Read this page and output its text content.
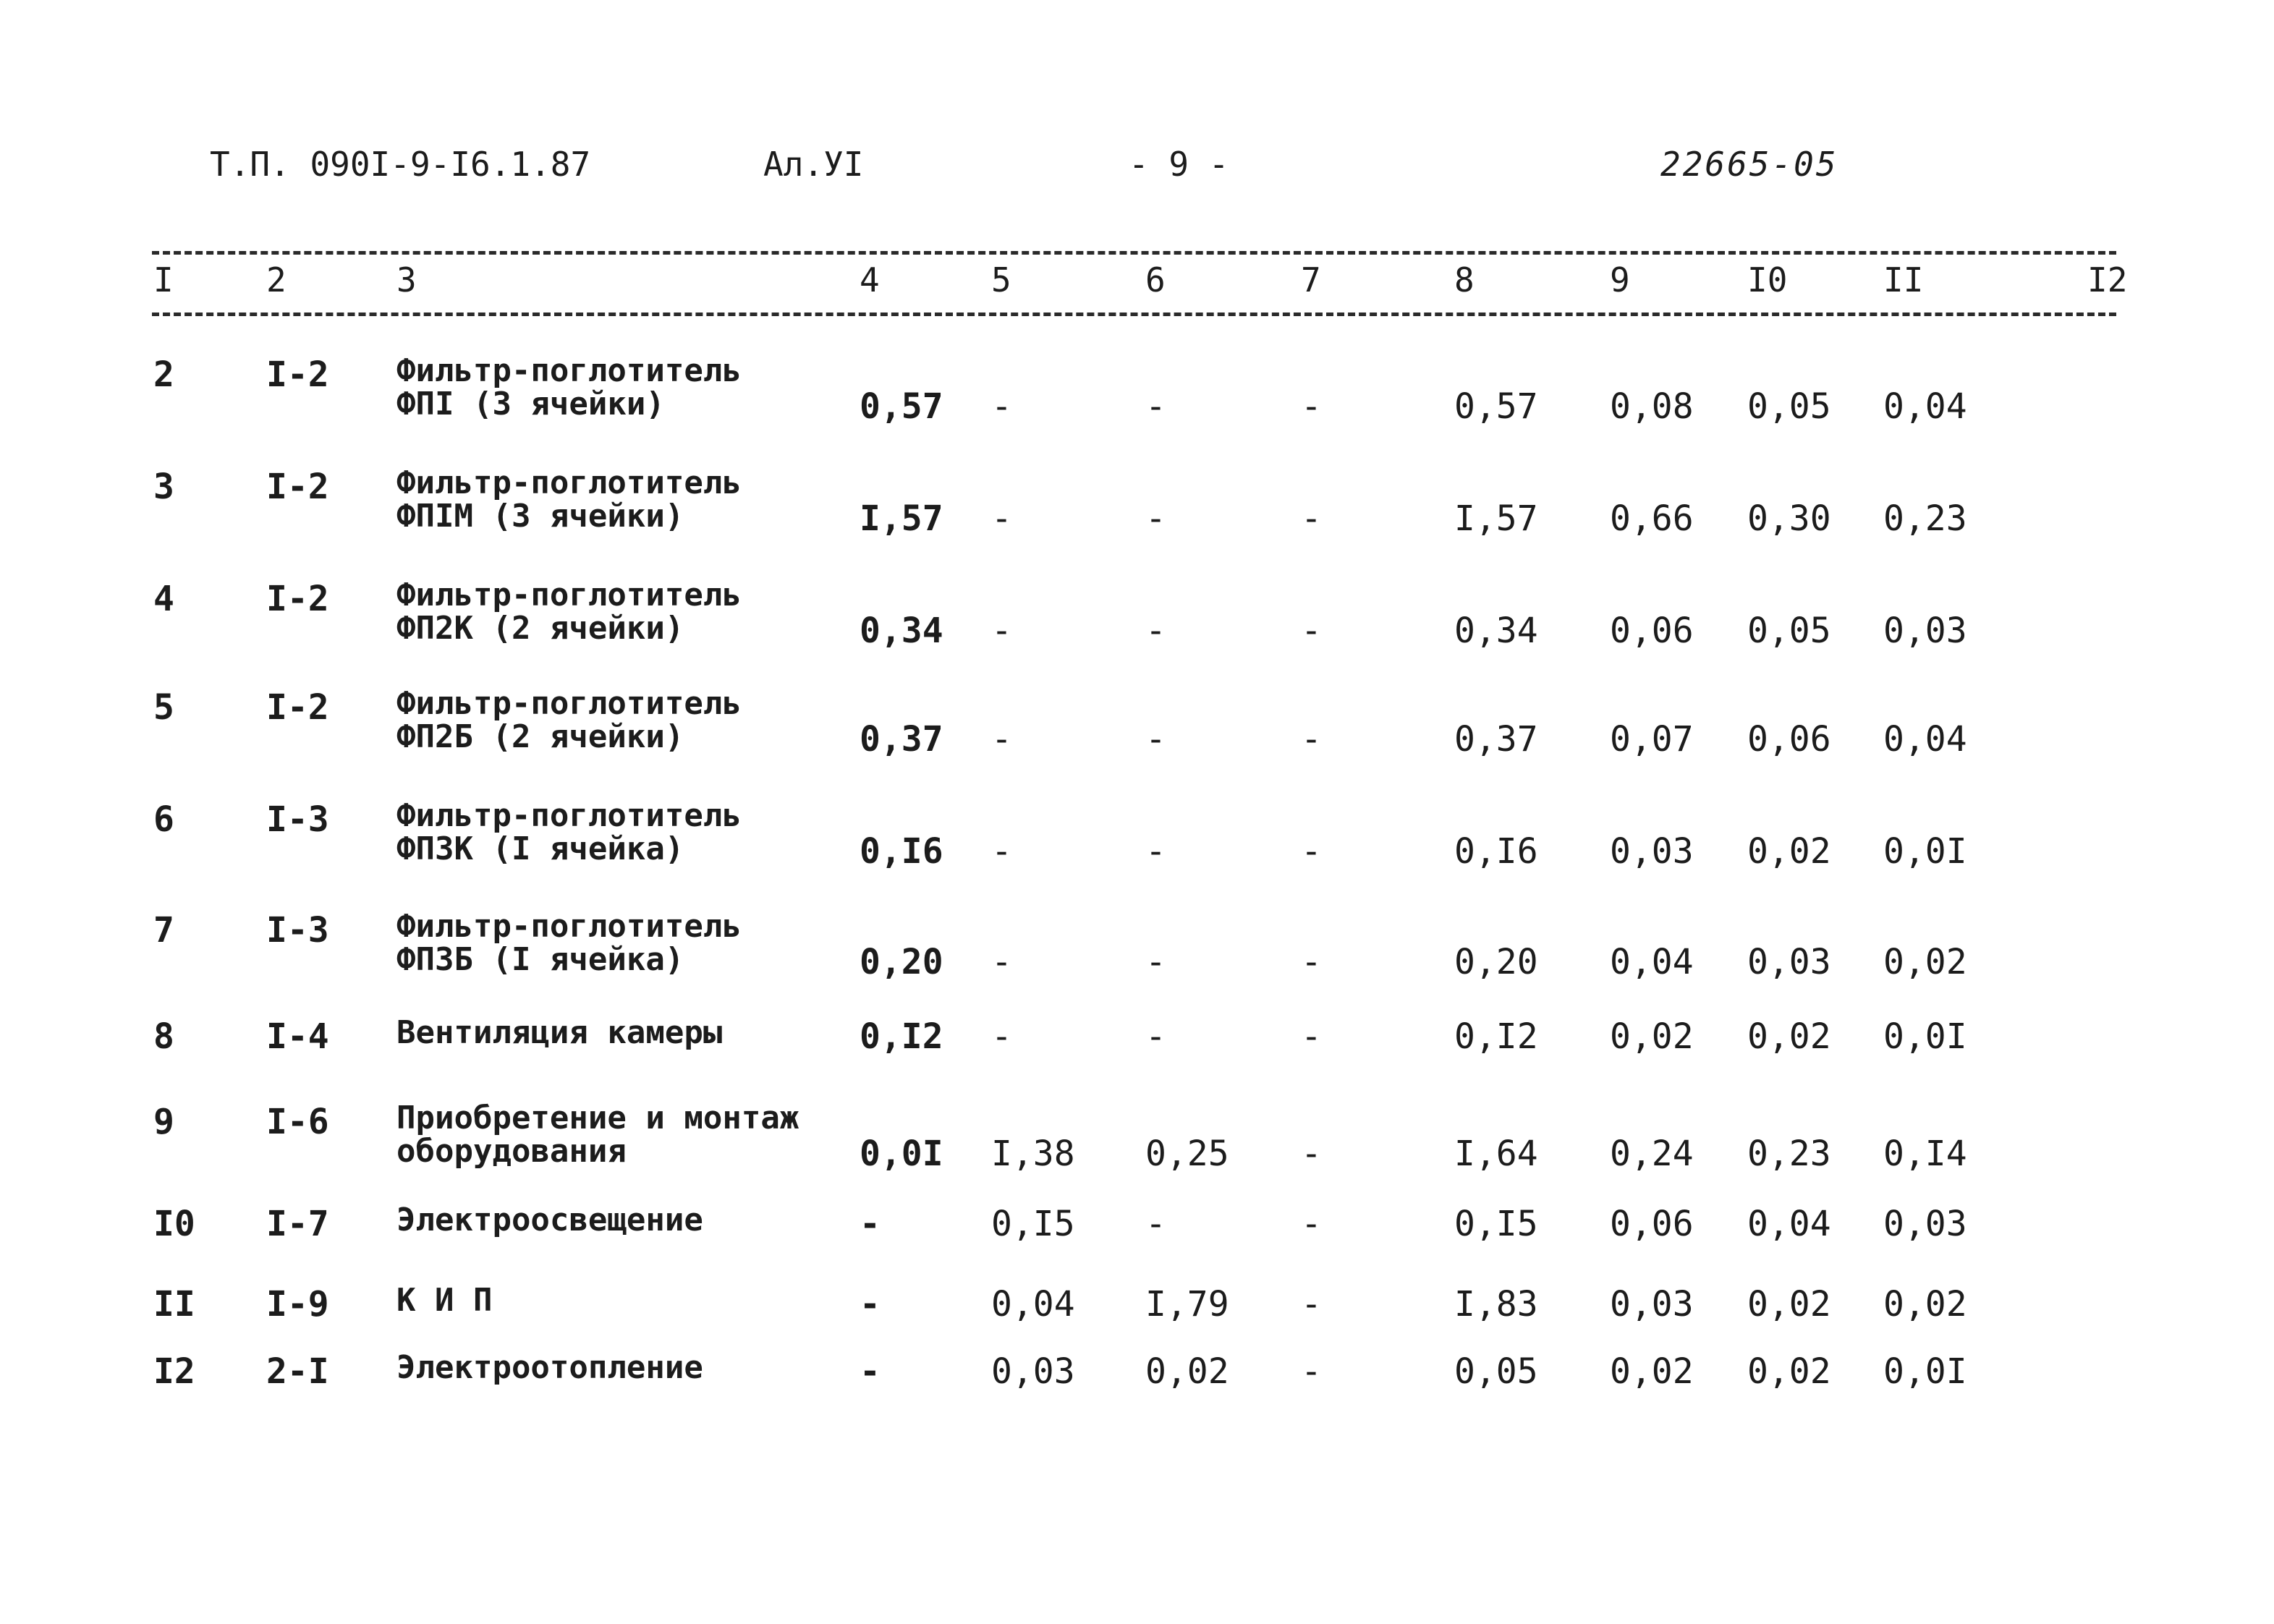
Т.П. 090I-9-I6.1.87	Ал.УI	- 9 -	22665-05
I	2	3	4	5	6	7	8	9	I0	II	I2
2	I-2 Фильтр-поглотитель
ФПI (3 ячейки)	0,57 -	-	-	0,57 0,08 0,05 0,04
3	I-2 Фильтр-поглотитель
ФПIМ (3 ячейки)	I,57 -	-	-	I,57 0,66 0,30 0,23
4	I-2 Фильтр-поглотитель
ФП2К (2 ячейки)	0,34 -	-	-	0,34 0,06 0,05 0,03
5	I-2 Фильтр-поглотитель
ФП2Б (2 ячейки)	0,37 -	-	-	0,37 0,07 0,06 0,04
6	I-3 Фильтр-поглотитель
ФП3К (I ячейка)	0,I6 -	-	-	0,I6 0,03 0,02 0,0I
7	I-3 Фильтр-поглотитель
ФП3Б (I ячейка)	0,20 -	-	-	0,20 0,04 0,03 0,02
8	I-4 Вентиляция камеры	0,I2 -	-	-	0,I2 0,02 0,02 0,0I
9	I-6 Приобретение и монтаж
оборудования	0,0I I,38 0,25 -	I,64 0,24 0,23 0,I4
I0 I-7 Электроосвещение	-	0,I5 -	-	0,I5 0,06 0,04 0,03
II I-9 К И П	-	0,04 I,79 -	I,83 0,03 0,02 0,02
I2 2-I Электроотопление	-	0,03 0,02 -	0,05 0,02 0,02 0,0I
